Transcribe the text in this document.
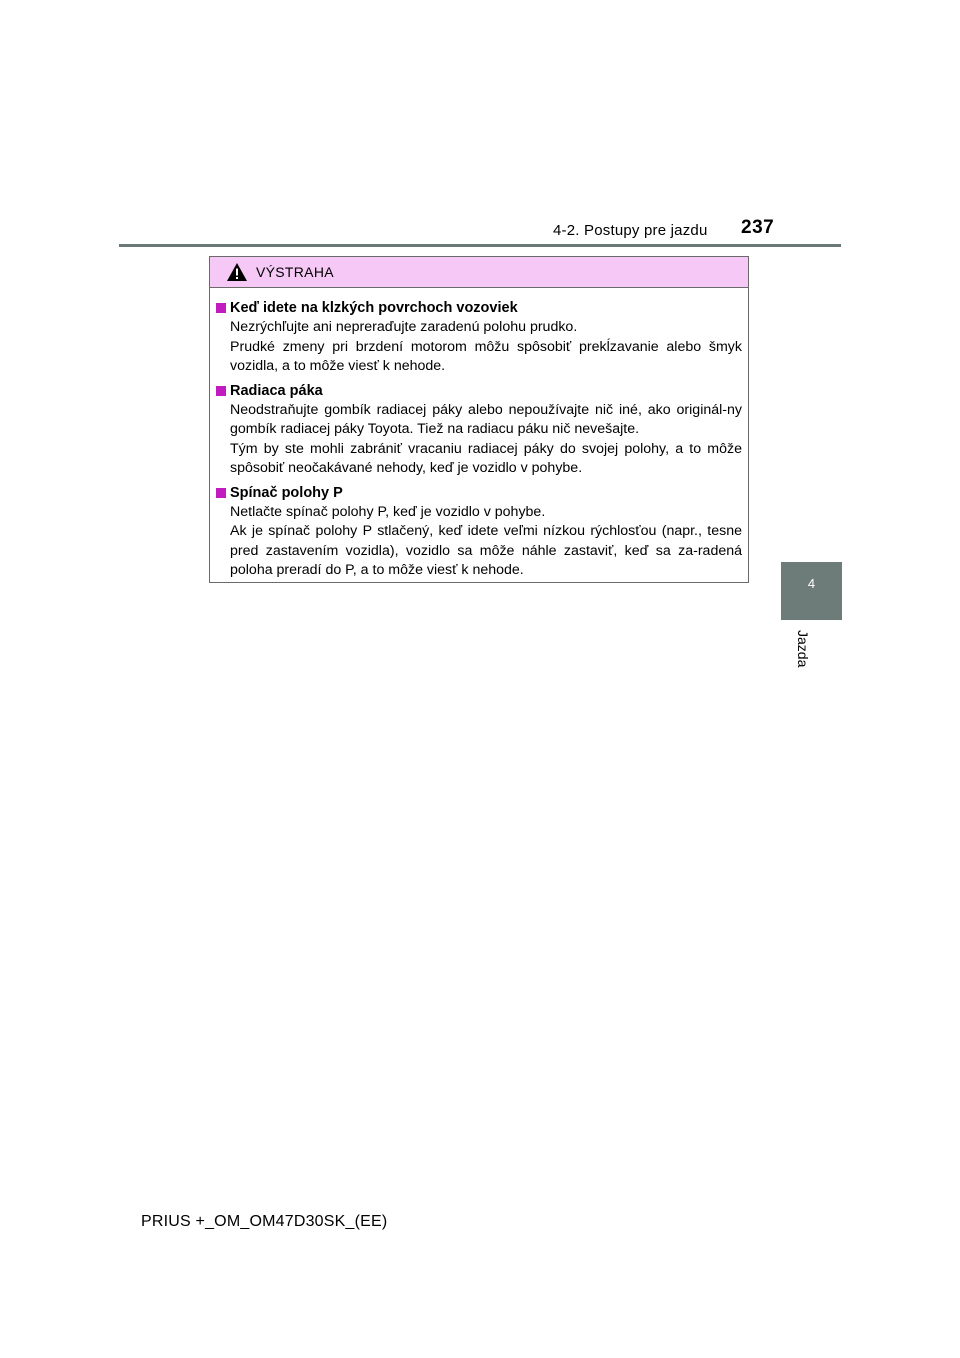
4-2. Postupy pre jazdu 237
4
Jazda
VÝSTRAHA
Keď idete na klzkých povrchoch vozoviek

Nezrýchľujte ani nepreraďujte zaradenú polohu prudko.

Prudké zmeny pri brzdení motorom môžu spôsobiť prekĺzavanie alebo šmyk vozidla, a to môže viesť k nehode.

Radiaca páka

Neodstraňujte gombík radiacej páky alebo nepoužívajte nič iné, ako originál-ny gombík radiacej páky Toyota. Tiež na radiacu páku nič nevešajte.

Tým by ste mohli zabrániť vracaniu radiacej páky do svojej polohy, a to môže spôsobiť neočakávané nehody, keď je vozidlo v pohybe.

Spínač polohy P

Netlačte spínač polohy P, keď je vozidlo v pohybe.

Ak je spínač polohy P stlačený, keď idete veľmi nízkou rýchlosťou (napr., tesne pred zastavením vozidla), vozidlo sa môže náhle zastaviť, keď sa za-radená poloha preradí do P, a to môže viesť k nehode.

PRIUS +_OM_OM47D30SK_(EE)
